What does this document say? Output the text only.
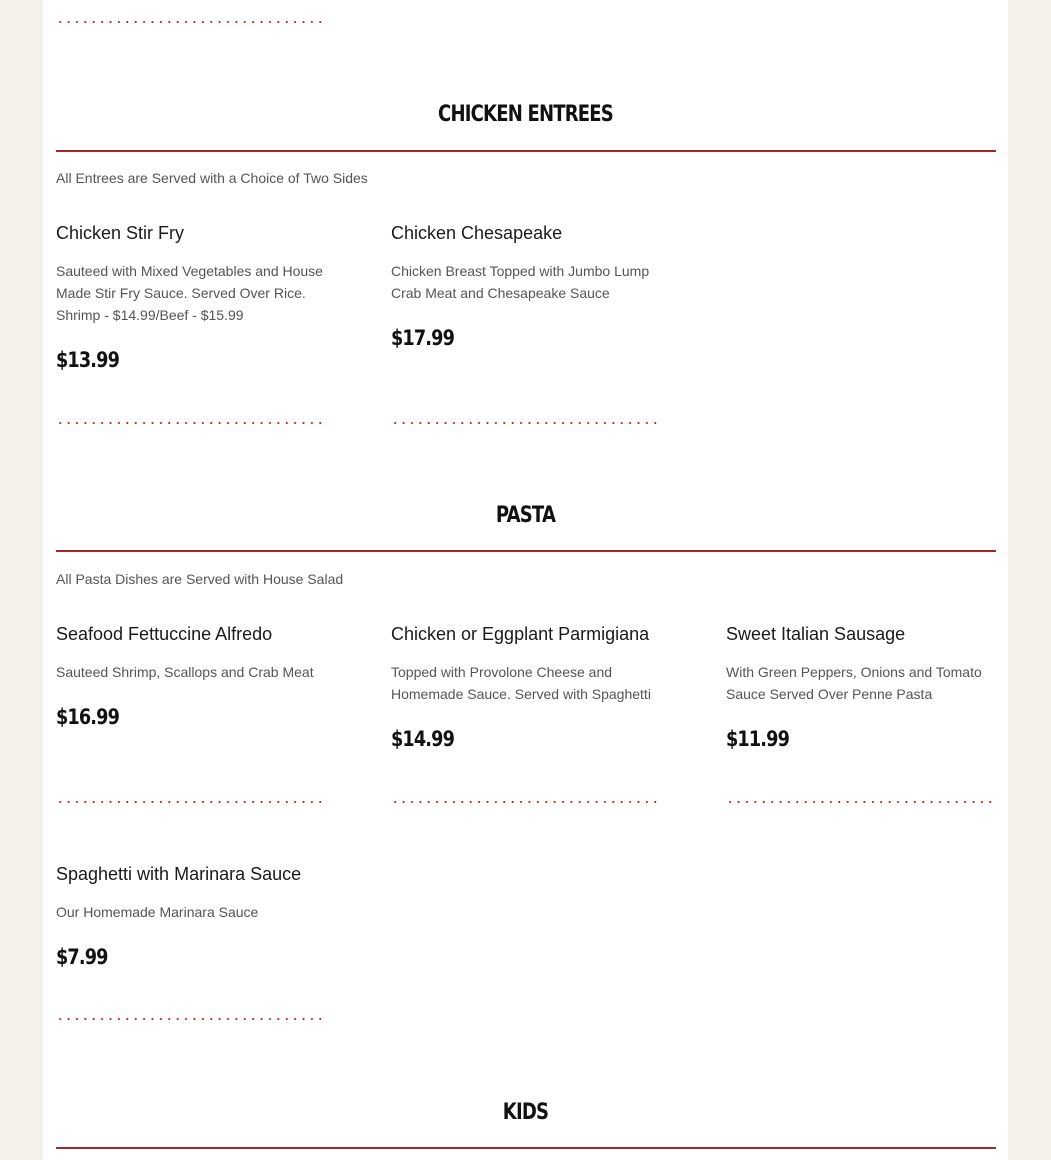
CHICKEN ENTREES
All Entrees are Served with a Choice of Two Sides
Chicken Stir Fry
Sauteed with Mixed Vegetables and House Made Stir Fry Sauce. Served Over Rice. Shrimp - $14.99/Beef - $15.99
$13.99
Chicken Chesapeake
Chicken Breast Topped with Jumbo Lump Crab Meat and Chesapeake Sauce
$17.99
PASTA
All Pasta Dishes are Served with House Salad
Seafood Fettuccine Alfredo
Sauteed Shrimp, Scallops and Crab Meat
$16.99
Chicken or Eggplant Parmigiana
Topped with Provolone Cheese and Homemade Sauce. Served with Spaghetti
$14.99
Sweet Italian Sausage
With Green Peppers, Onions and Tomato Sauce Served Over Penne Pasta
$11.99
Spaghetti with Marinara Sauce
Our Homemade Marinara Sauce
$7.99
KIDS
